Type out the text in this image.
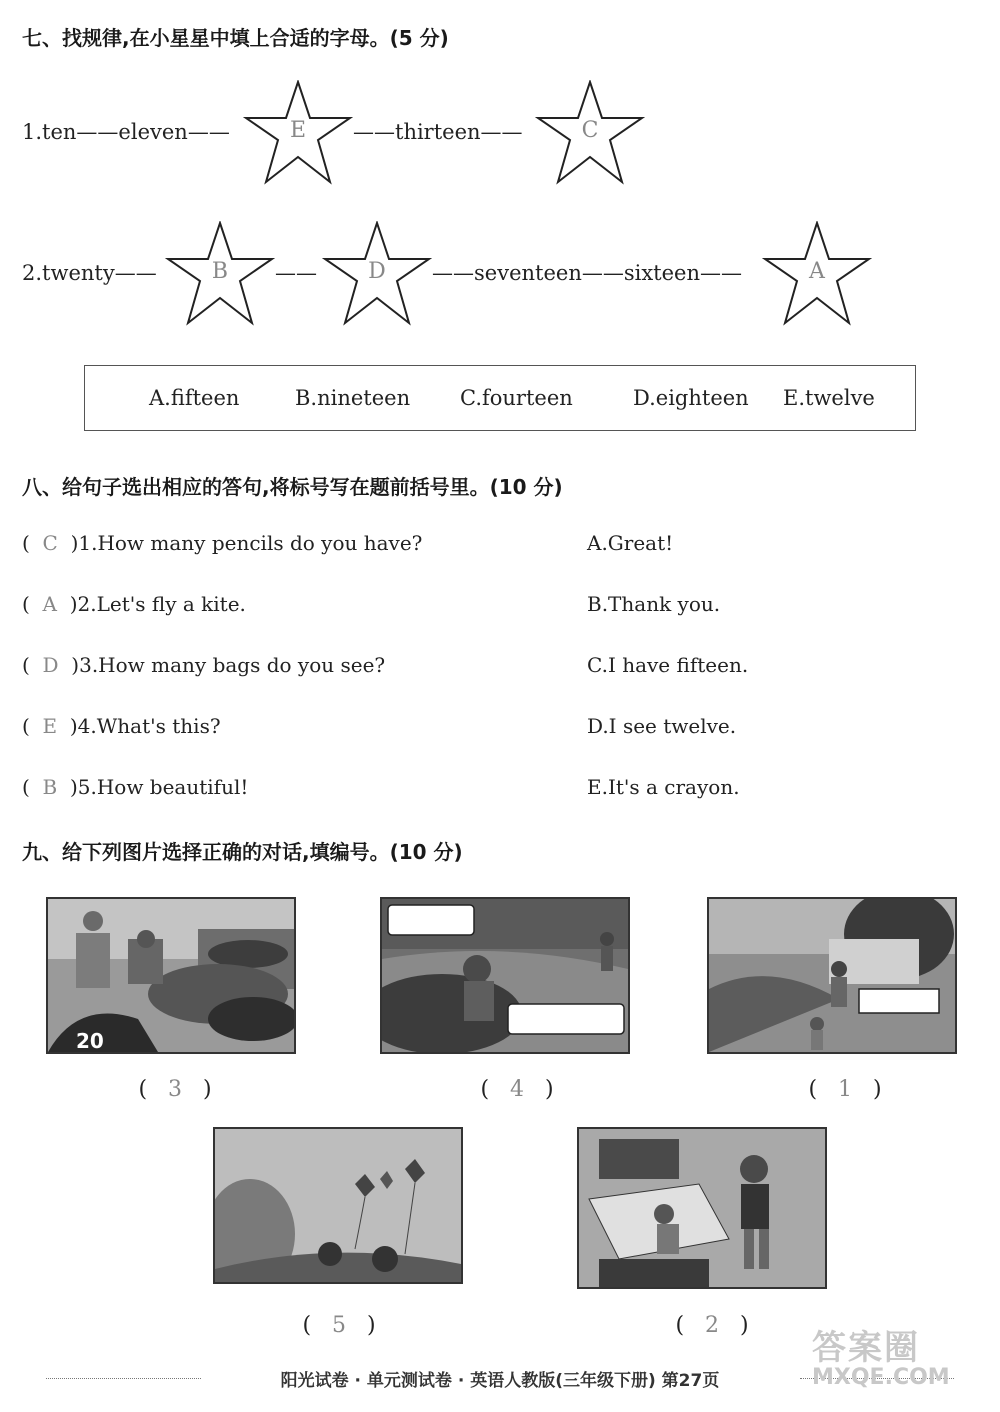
七、找规律,在小星星中填上合适的字母。(5 分)
1.ten——eleven——	E	——thirteen——	C
2.twenty——	B	——	D	——seventeen——sixteen——	A
A.fifteen	B.nineteen C.fourteen	D.eighteen E.twelve
八、给句子选出相应的答句,将标号写在题前括号里。(10 分)
(  C )1.How many pencils do you have?	A.Great!
(  A )2.Let's fly a kite.	B.Thank you.
(  D )3.How many bags do you see?	C.I have fifteen.
(  E )4.What's this?	D.I see twelve.
(  B )5.How beautiful!	E.It's a crayon.
九、给下列图片选择正确的对话,填编号。(10 分)
20
(   3   )	(   4   )	(   1   )
(   5   )	(   2   )
阳光试卷 · 单元测试卷 · 英语人教版(三年级下册) 第27页
答案圈
MXQE.COM
